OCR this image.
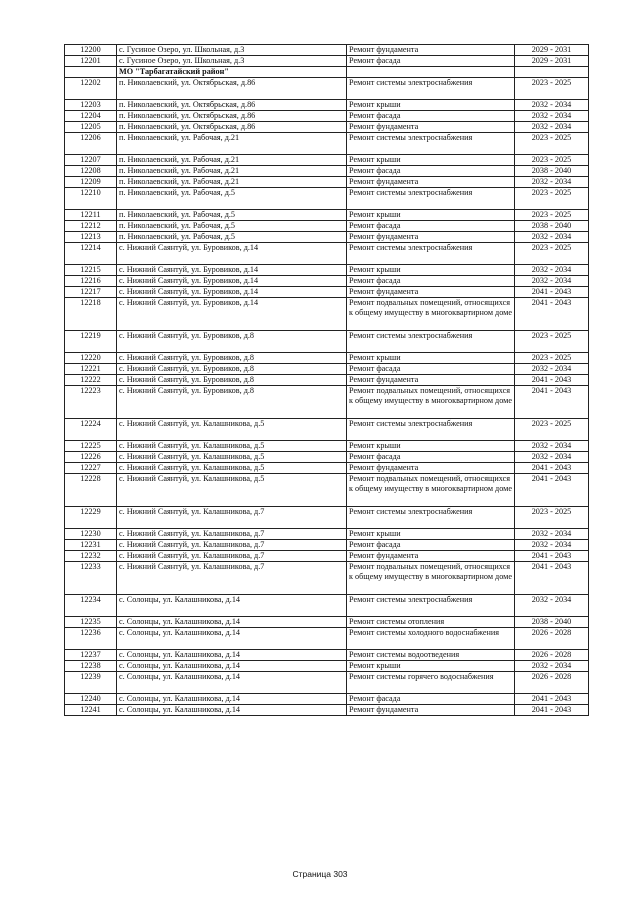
12200	с. Гусиное Озеро, ул. Школьная, д.3	Ремонт фундамента	2029 - 2031
12201	с. Гусиное Озеро, ул. Школьная, д.3	Ремонт фасада	2029 - 2031
	МО "Тарбагатайский район"		
12202	п. Николаевский, ул. Октябрьская, д.86	Ремонт системы электроснабжения	2023 - 2025
12203	п. Николаевский, ул. Октябрьская, д.86	Ремонт крыши	2032 - 2034
12204	п. Николаевский, ул. Октябрьская, д.86	Ремонт фасада	2032 - 2034
12205	п. Николаевский, ул. Октябрьская, д.86	Ремонт фундамента	2032 - 2034
12206	п. Николаевский, ул. Рабочая, д.21	Ремонт системы электроснабжения	2023 - 2025
12207	п. Николаевский, ул. Рабочая, д.21	Ремонт крыши	2023 - 2025
12208	п. Николаевский, ул. Рабочая, д.21	Ремонт фасада	2038 - 2040
12209	п. Николаевский, ул. Рабочая, д.21	Ремонт фундамента	2032 - 2034
12210	п. Николаевский, ул. Рабочая, д.5	Ремонт системы электроснабжения	2023 - 2025
12211	п. Николаевский, ул. Рабочая, д.5	Ремонт крыши	2023 - 2025
12212	п. Николаевский, ул. Рабочая, д.5	Ремонт фасада	2038 - 2040
12213	п. Николаевский, ул. Рабочая, д.5	Ремонт фундамента	2032 - 2034
12214	с. Нижний Саянтуй, ул. Буровиков, д.14	Ремонт системы электроснабжения	2023 - 2025
12215	с. Нижний Саянтуй, ул. Буровиков, д.14	Ремонт крыши	2032 - 2034
12216	с. Нижний Саянтуй, ул. Буровиков, д.14	Ремонт фасада	2032 - 2034
12217	с. Нижний Саянтуй, ул. Буровиков, д.14	Ремонт фундамента	2041 - 2043
12218	с. Нижний Саянтуй, ул. Буровиков, д.14	Ремонт подвальных помещений, относящихся к общему имуществу в многоквартирном доме	2041 - 2043
12219	с. Нижний Саянтуй, ул. Буровиков, д.8	Ремонт системы электроснабжения	2023 - 2025
12220	с. Нижний Саянтуй, ул. Буровиков, д.8	Ремонт крыши	2023 - 2025
12221	с. Нижний Саянтуй, ул. Буровиков, д.8	Ремонт фасада	2032 - 2034
12222	с. Нижний Саянтуй, ул. Буровиков, д.8	Ремонт фундамента	2041 - 2043
12223	с. Нижний Саянтуй, ул. Буровиков, д.8	Ремонт подвальных помещений, относящихся к общему имуществу в многоквартирном доме	2041 - 2043
12224	с. Нижний Саянтуй, ул. Калашникова, д.5	Ремонт системы электроснабжения	2023 - 2025
12225	с. Нижний Саянтуй, ул. Калашникова, д.5	Ремонт крыши	2032 - 2034
12226	с. Нижний Саянтуй, ул. Калашникова, д.5	Ремонт фасада	2032 - 2034
12227	с. Нижний Саянтуй, ул. Калашникова, д.5	Ремонт фундамента	2041 - 2043
12228	с. Нижний Саянтуй, ул. Калашникова, д.5	Ремонт подвальных помещений, относящихся к общему имуществу в многоквартирном доме	2041 - 2043
12229	с. Нижний Саянтуй, ул. Калашникова, д.7	Ремонт системы электроснабжения	2023 - 2025
12230	с. Нижний Саянтуй, ул. Калашникова, д.7	Ремонт крыши	2032 - 2034
12231	с. Нижний Саянтуй, ул. Калашникова, д.7	Ремонт фасада	2032 - 2034
12232	с. Нижний Саянтуй, ул. Калашникова, д.7	Ремонт фундамента	2041 - 2043
12233	с. Нижний Саянтуй, ул. Калашникова, д.7	Ремонт подвальных помещений, относящихся к общему имуществу в многоквартирном доме	2041 - 2043
12234	с. Солонцы, ул. Калашникова, д.14	Ремонт системы электроснабжения	2032 - 2034
12235	с. Солонцы, ул. Калашникова, д.14	Ремонт системы отопления	2038 - 2040
12236	с. Солонцы, ул. Калашникова, д.14	Ремонт системы холодного водоснабжения	2026 - 2028
12237	с. Солонцы, ул. Калашникова, д.14	Ремонт системы водоотведения	2026 - 2028
12238	с. Солонцы, ул. Калашникова, д.14	Ремонт крыши	2032 - 2034
12239	с. Солонцы, ул. Калашникова, д.14	Ремонт системы горячего водоснабжения	2026 - 2028
12240	с. Солонцы, ул. Калашникова, д.14	Ремонт фасада	2041 - 2043
12241	с. Солонцы, ул. Калашникова, д.14	Ремонт фундамента	2041 - 2043
Страница 303
